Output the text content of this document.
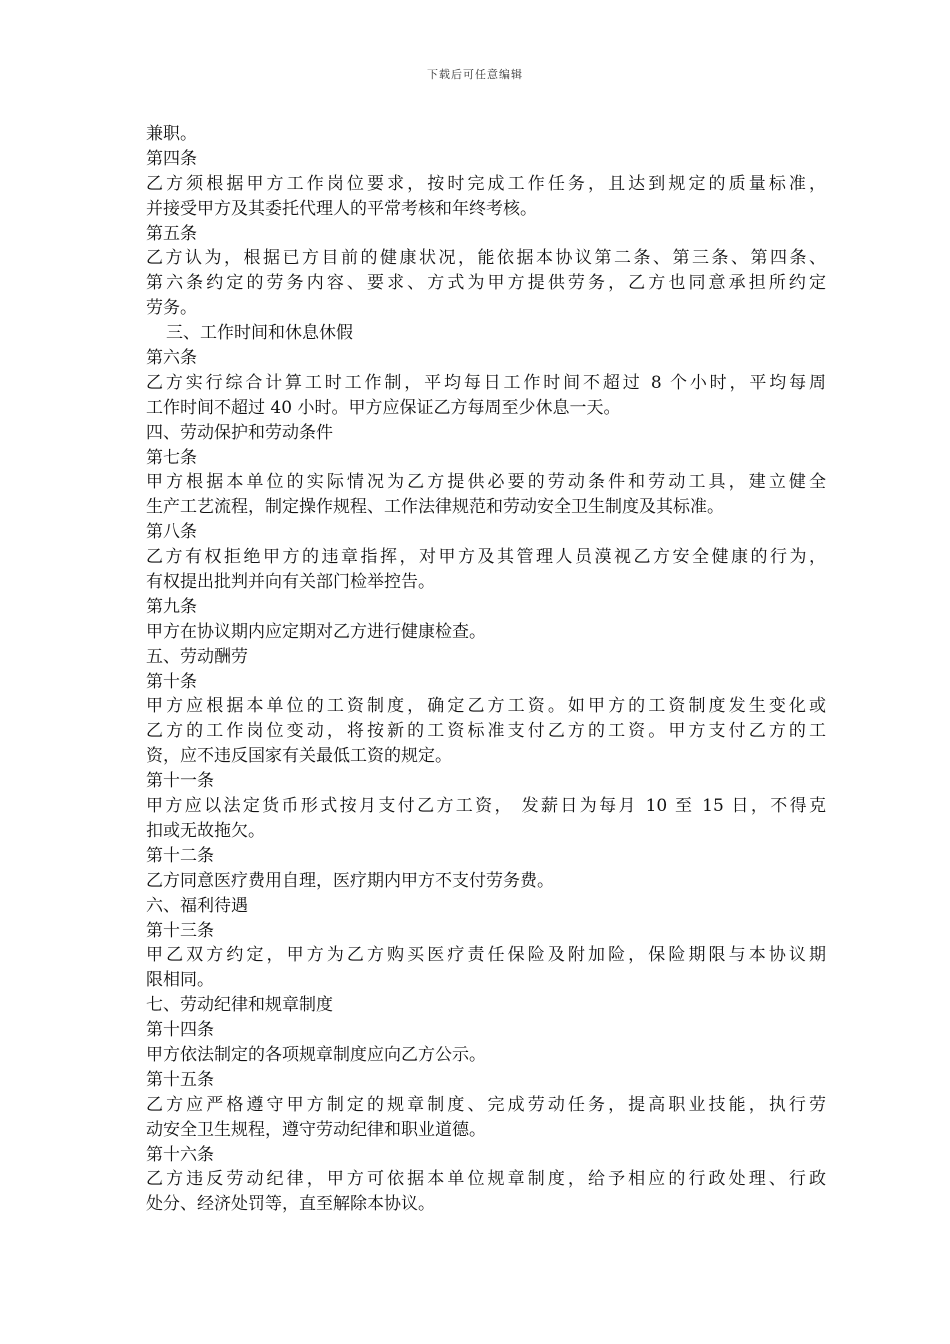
下载后可任意编辑
兼职。
第四条
乙方须根据甲方工作岗位要求，按时完成工作任务，且达到规定的质量标准，
并接受甲方及其委托代理人的平常考核和年终考核。
第五条
乙方认为，根据已方目前的健康状况，能依据本协议第二条、第三条、第四条、
第六条约定的劳务内容、要求、方式为甲方提供劳务，乙方也同意承担所约定
劳务。
三、工作时间和休息休假
第六条
乙方实行综合计算工时工作制，平均每日工作时间不超过 8 个小时，平均每周
工作时间不超过 40 小时。甲方应保证乙方每周至少休息一天。
四、劳动保护和劳动条件
第七条
甲方根据本单位的实际情况为乙方提供必要的劳动条件和劳动工具，建立健全
生产工艺流程，制定操作规程、工作法律规范和劳动安全卫生制度及其标准。
第八条
乙方有权拒绝甲方的违章指挥，对甲方及其管理人员漠视乙方安全健康的行为，
有权提出批判并向有关部门检举控告。
第九条
甲方在协议期内应定期对乙方进行健康检查。
五、劳动酬劳
第十条
甲方应根据本单位的工资制度，确定乙方工资。如甲方的工资制度发生变化或
乙方的工作岗位变动，将按新的工资标准支付乙方的工资。甲方支付乙方的工
资，应不违反国家有关最低工资的规定。
第十一条
甲方应以法定货币形式按月支付乙方工资， 发薪日为每月 10 至 15 日，不得克
扣或无故拖欠。
第十二条
乙方同意医疗费用自理，医疗期内甲方不支付劳务费。
六、福利待遇
第十三条
甲乙双方约定，甲方为乙方购买医疗责任保险及附加险，保险期限与本协议期
限相同。
七、劳动纪律和规章制度
第十四条
甲方依法制定的各项规章制度应向乙方公示。
第十五条
乙方应严格遵守甲方制定的规章制度、完成劳动任务，提高职业技能，执行劳
动安全卫生规程，遵守劳动纪律和职业道德。
第十六条
乙方违反劳动纪律，甲方可依据本单位规章制度，给予相应的行政处理、行政
处分、经济处罚等，直至解除本协议。
